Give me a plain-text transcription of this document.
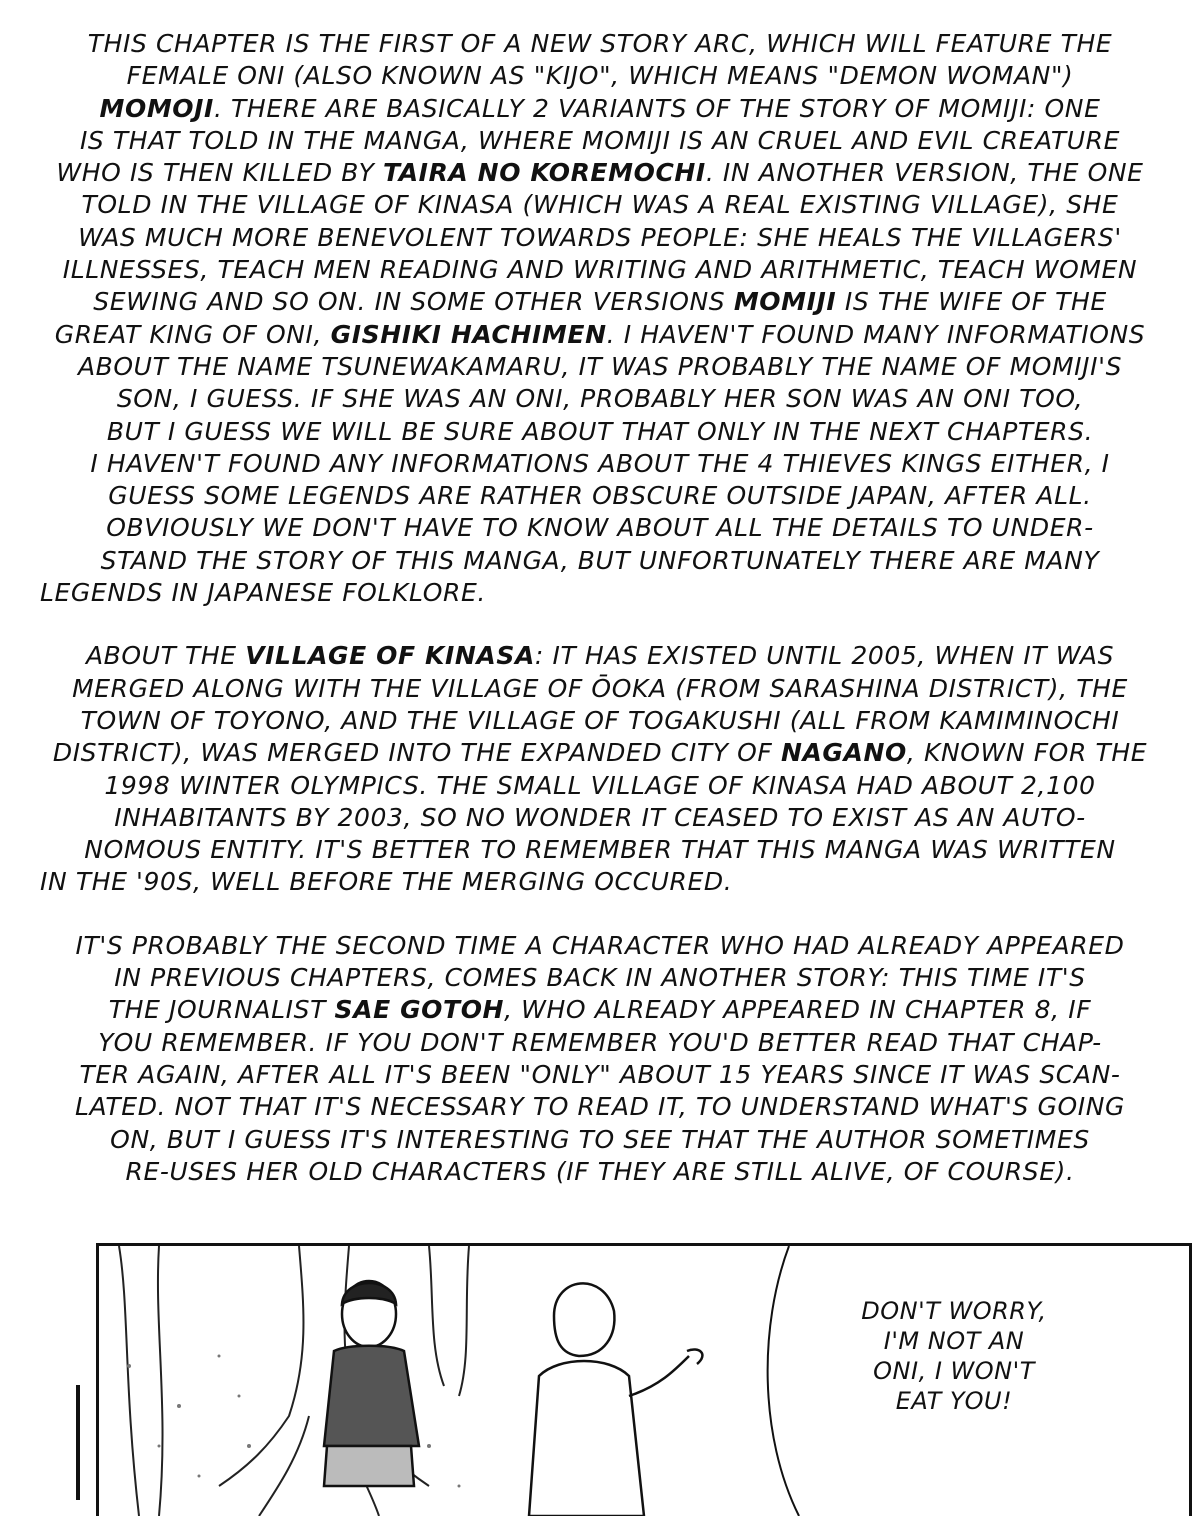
THIS CHAPTER IS THE FIRST OF A NEW STORY ARC, WHICH WILL FEATURE THE
FEMALE ONI (ALSO KNOWN AS "KIJO", WHICH MEANS "DEMON WOMAN")
MOMOJI. THERE ARE BASICALLY 2 VARIANTS OF THE STORY OF MOMIJI: ONE
IS THAT TOLD IN THE MANGA, WHERE MOMIJI IS AN CRUEL AND EVIL CREATURE
WHO IS THEN KILLED BY TAIRA NO KOREMOCHI. IN ANOTHER VERSION, THE ONE
TOLD IN THE VILLAGE OF KINASA (WHICH WAS A REAL EXISTING VILLAGE), SHE
WAS MUCH MORE BENEVOLENT TOWARDS PEOPLE: SHE HEALS THE VILLAGERS'
ILLNESSES, TEACH MEN READING AND WRITING AND ARITHMETIC, TEACH WOMEN
SEWING AND SO ON. IN SOME OTHER VERSIONS MOMIJI IS THE WIFE OF THE
GREAT KING OF ONI, GISHIKI HACHIMEN. I HAVEN'T FOUND MANY INFORMATIONS
ABOUT THE NAME TSUNEWAKAMARU, IT WAS PROBABLY THE NAME OF MOMIJI'S
SON, I GUESS. IF SHE WAS AN ONI, PROBABLY HER SON WAS AN ONI TOO,
BUT I GUESS WE WILL BE SURE ABOUT THAT ONLY IN THE NEXT CHAPTERS.
I HAVEN'T FOUND ANY INFORMATIONS ABOUT THE 4 THIEVES KINGS EITHER, I
GUESS SOME LEGENDS ARE RATHER OBSCURE OUTSIDE JAPAN, AFTER ALL.
OBVIOUSLY WE DON'T HAVE TO KNOW ABOUT ALL THE DETAILS TO UNDER-
STAND THE STORY OF THIS MANGA, BUT UNFORTUNATELY THERE ARE MANY
LEGENDS IN JAPANESE FOLKLORE.

ABOUT THE VILLAGE OF KINASA: IT HAS EXISTED UNTIL 2005, WHEN IT WAS
MERGED ALONG WITH THE VILLAGE OF ŌOKA (FROM SARASHINA DISTRICT), THE
TOWN OF TOYONO, AND THE VILLAGE OF TOGAKUSHI (ALL FROM KAMIMINOCHI
DISTRICT), WAS MERGED INTO THE EXPANDED CITY OF NAGANO, KNOWN FOR THE
1998 WINTER OLYMPICS. THE SMALL VILLAGE OF KINASA HAD ABOUT 2,100
INHABITANTS BY 2003, SO NO WONDER IT CEASED TO EXIST AS AN AUTO-
NOMOUS ENTITY. IT'S BETTER TO REMEMBER THAT THIS MANGA WAS WRITTEN
IN THE '90S, WELL BEFORE THE MERGING OCCURED.

IT'S PROBABLY THE SECOND TIME A CHARACTER WHO HAD ALREADY APPEARED
IN PREVIOUS CHAPTERS, COMES BACK IN ANOTHER STORY: THIS TIME IT'S
THE JOURNALIST SAE GOTOH, WHO ALREADY APPEARED IN CHAPTER 8, IF
YOU REMEMBER. IF YOU DON'T REMEMBER YOU'D BETTER READ THAT CHAP-
TER AGAIN, AFTER ALL IT'S BEEN "ONLY" ABOUT 15 YEARS SINCE IT WAS SCAN-
LATED. NOT THAT IT'S NECESSARY TO READ IT, TO UNDERSTAND WHAT'S GOING
ON, BUT I GUESS IT'S INTERESTING TO SEE THAT THE AUTHOR SOMETIMES
RE-USES HER OLD CHARACTERS (IF THEY ARE STILL ALIVE, OF COURSE).

DON'T WORRY,
I'M NOT AN
ONI, I WON'T
EAT YOU!
